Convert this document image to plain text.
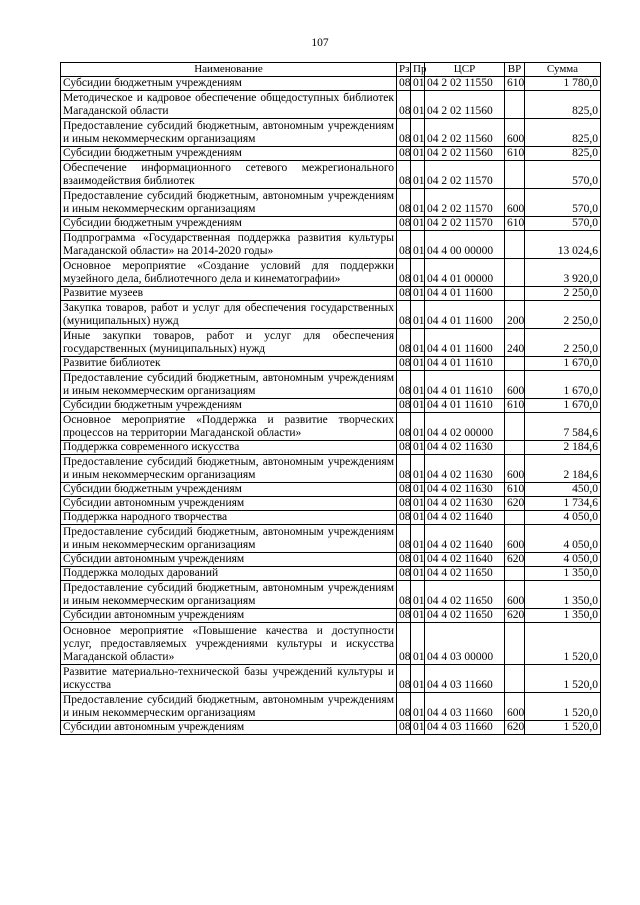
107
Наименование	Рз	Пр	ЦСР	ВР	Сумма
Субсидии бюджетным учреждениям	08	01	04 2 02 11550	610	1 780,0
Методическое и кадровое обеспечение общедоступных библиотек Магаданской области	08	01	04 2 02 11560		825,0
Предоставление субсидий бюджетным, автономным учреждениям и иным некоммерческим организациям	08	01	04 2 02 11560	600	825,0
Субсидии бюджетным учреждениям	08	01	04 2 02 11560	610	825,0
Обеспечение информационного сетевого межрегионального взаимодействия библиотек	08	01	04 2 02 11570		570,0
Предоставление субсидий бюджетным, автономным учреждениям и иным некоммерческим организациям	08	01	04 2 02 11570	600	570,0
Субсидии бюджетным учреждениям	08	01	04 2 02 11570	610	570,0
Подпрограмма «Государственная поддержка развития культуры Магаданской области» на 2014-2020 годы»	08	01	04 4 00 00000		13 024,6
Основное мероприятие «Создание условий для поддержки музейного дела, библиотечного дела и кинематографии»	08	01	04 4 01 00000		3 920,0
Развитие музеев	08	01	04 4 01 11600		2 250,0
Закупка товаров, работ и услуг для обеспечения государственных (муниципальных) нужд	08	01	04 4 01 11600	200	2 250,0
Иные закупки товаров, работ и услуг для обеспечения государственных (муниципальных) нужд	08	01	04 4 01 11600	240	2 250,0
Развитие библиотек	08	01	04 4 01 11610		1 670,0
Предоставление субсидий бюджетным, автономным учреждениям и иным некоммерческим организациям	08	01	04 4 01 11610	600	1 670,0
Субсидии бюджетным учреждениям	08	01	04 4 01 11610	610	1 670,0
Основное мероприятие «Поддержка и развитие творческих процессов на территории Магаданской области»	08	01	04 4 02 00000		7 584,6
Поддержка современного искусства	08	01	04 4 02 11630		2 184,6
Предоставление субсидий бюджетным, автономным учреждениям и иным некоммерческим организациям	08	01	04 4 02 11630	600	2 184,6
Субсидии бюджетным учреждениям	08	01	04 4 02 11630	610	450,0
Субсидии автономным учреждениям	08	01	04 4 02 11630	620	1 734,6
Поддержка народного творчества	08	01	04 4 02 11640		4 050,0
Предоставление субсидий бюджетным, автономным учреждениям и иным некоммерческим организациям	08	01	04 4 02 11640	600	4 050,0
Субсидии автономным учреждениям	08	01	04 4 02 11640	620	4 050,0
Поддержка молодых дарований	08	01	04 4 02 11650		1 350,0
Предоставление субсидий бюджетным, автономным учреждениям и иным некоммерческим организациям	08	01	04 4 02 11650	600	1 350,0
Субсидии автономным учреждениям	08	01	04 4 02 11650	620	1 350,0
Основное мероприятие «Повышение качества и доступности услуг, предоставляемых учреждениями культуры и искусства Магаданской области»	08	01	04 4 03 00000		1 520,0
Развитие материально-технической базы учреждений культуры и искусства	08	01	04 4 03 11660		1 520,0
Предоставление субсидий бюджетным, автономным учреждениям и иным некоммерческим организациям	08	01	04 4 03 11660	600	1 520,0
Субсидии автономным учреждениям	08	01	04 4 03 11660	620	1 520,0
